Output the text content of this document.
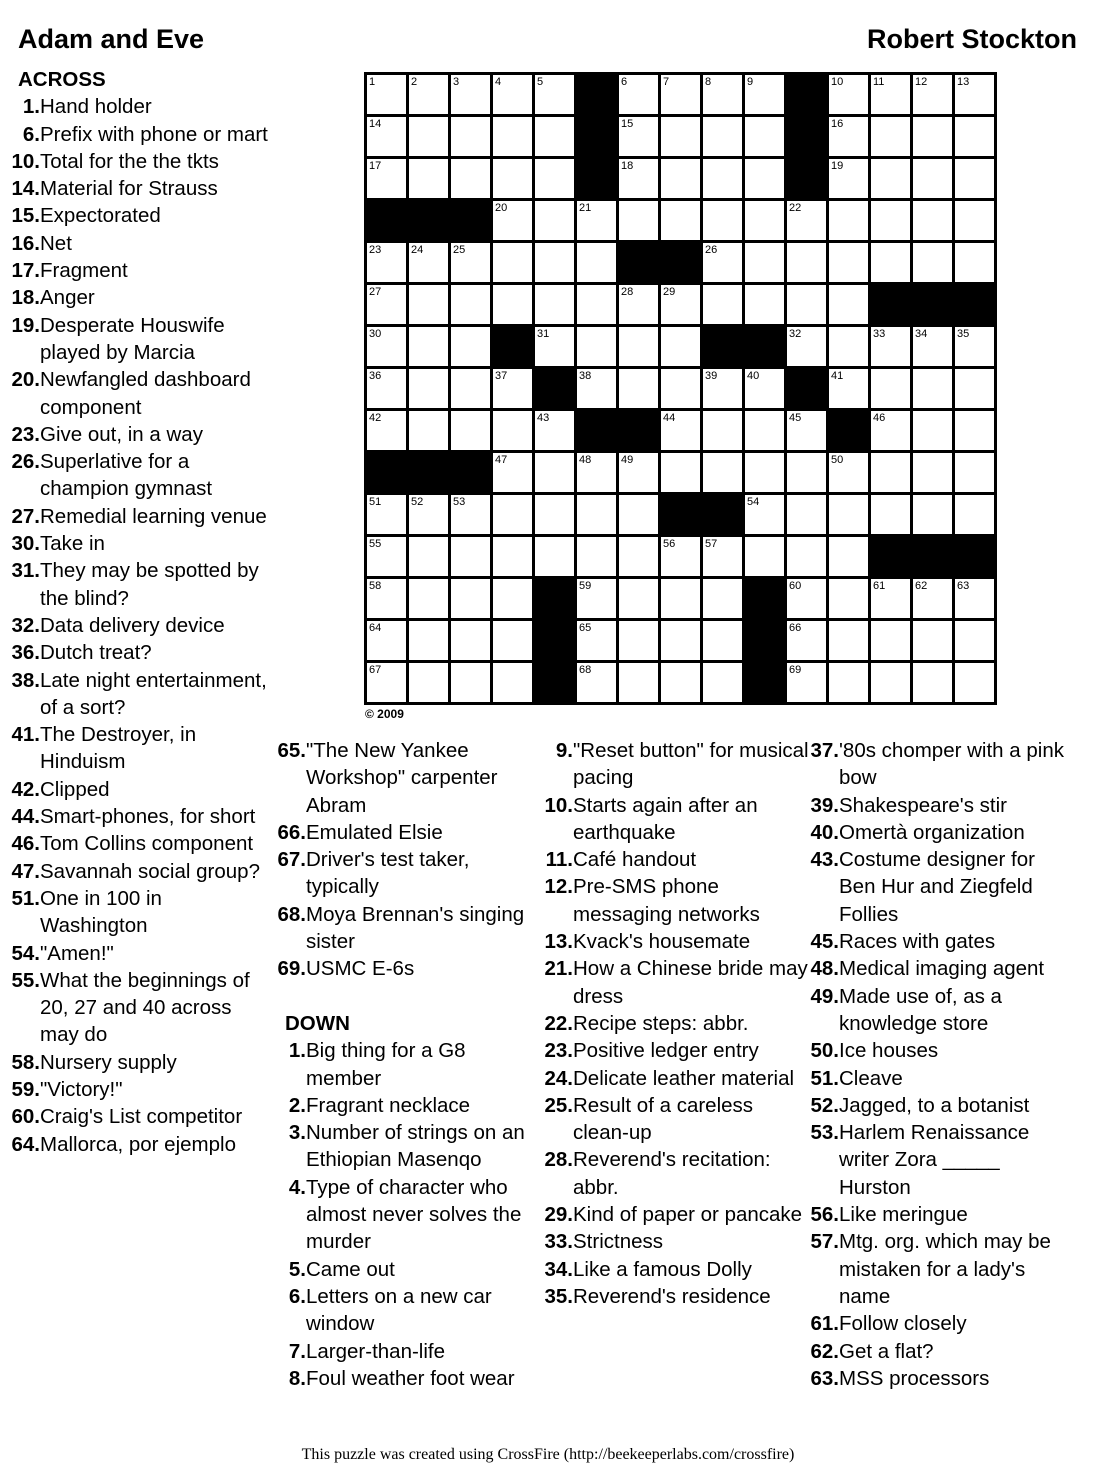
Adam and Eve	Robert Stockton
ACROSS
1. Hand holder
6. Prefix with phone or mart
10. Total for the the tkts
14. Material for Strauss
15. Expectorated
16. Net
17. Fragment
18. Anger
19. Desperate Houswife played by Marcia
20. Newfangled dashboard component
23. Give out, in a way
26. Superlative for a champion gymnast
27. Remedial learning venue
30. Take in
31. They may be spotted by the blind?
32. Data delivery device
36. Dutch treat?
38. Late night entertainment, of a sort?
41. The Destroyer, in Hinduism
42. Clipped
44. Smart-phones, for short
46. Tom Collins component
47. Savannah social group?
51. One in 100 in Washington
54. "Amen!"
55. What the beginnings of 20, 27 and 40 across may do
58. Nursery supply
59. "Victory!"
60. Craig's List competitor
64. Mallorca, por ejemplo
65. "The New Yankee Workshop" carpenter Abram
66. Emulated Elsie
67. Driver's test taker, typically
68. Moya Brennan's singing sister
69. USMC E-6s
DOWN
1. Big thing for a G8 member
2. Fragrant necklace
3. Number of strings on an Ethiopian Masenqo
4. Type of character who almost never solves the murder
5. Came out
6. Letters on a new car window
7. Larger-than-life
8. Foul weather foot wear
9. "Reset button" for musical pacing
10. Starts again after an earthquake
11. Café handout
12. Pre-SMS phone messaging networks
13. Kvack's housemate
21. How a Chinese bride may dress
22. Recipe steps: abbr.
23. Positive ledger entry
24. Delicate leather material
25. Result of a careless clean-up
28. Reverend's recitation: abbr.
29. Kind of paper or pancake
33. Strictness
34. Like a famous Dolly
35. Reverend's residence
37. '80s chomper with a pink bow
39. Shakespeare's stir
40. Omertà organization
43. Costume designer for Ben Hur and Ziegfeld Follies
45. Races with gates
48. Medical imaging agent
49. Made use of, as a knowledge store
50. Ice houses
51. Cleave
52. Jagged, to a botanist
53. Harlem Renaissance writer Zora _____ Hurston
56. Like meringue
57. Mtg. org. which may be mistaken for a lady's name
61. Follow closely
62. Get a flat?
63. MSS processors
1	2	3	4	5	6	7	8	9	10	11	12	13
14	15	16
17	18	19
20	21	22
23	24	25	26
27	28	29
30	31	32	33	34	35
36	37	38	39	40	41
42	43	44	45	46
47	48	49	50
51	52	53	54
55	56	57
58	59	60	61	62	63
64	65	66
67	68	69
© 2009
This puzzle was created using CrossFire (http://beekeeperlabs.com/crossfire)
